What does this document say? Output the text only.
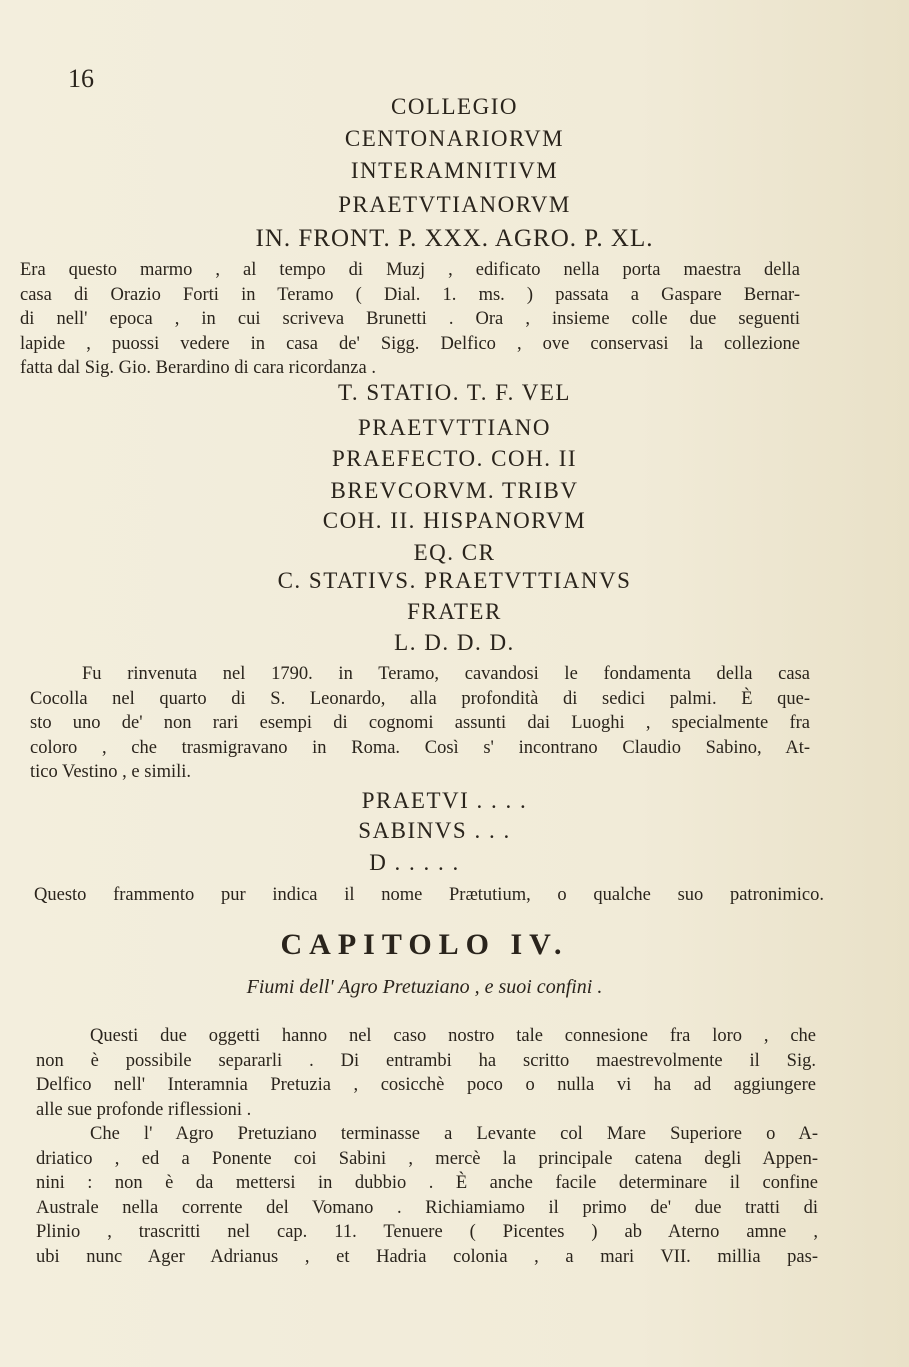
16
COLLEGIO
CENTONARIORVM
INTERAMNITIVM
PRAETVTIANORVM
IN. FRONT. P. XXX. AGRO. P. XL.
Era questo marmo , al tempo di Muzj , edificato nella porta maestra della
casa di Orazio Forti in Teramo ( Dial. 1. ms. ) passata a Gaspare Bernar-
di nell' epoca , in cui scriveva Brunetti . Ora , insieme colle due seguenti
lapide , puossi vedere in casa de' Sigg. Delfico , ove conservasi la collezione
fatta dal Sig. Gio. Berardino di cara ricordanza .
T. STATIO. T. F. VEL
PRAETVTTIANO
PRAEFECTO. COH. II
BREVCORVM. TRIBV
COH. II. HISPANORVM
EQ. CR
C. STATIVS. PRAETVTTIANVS
FRATER
L. D. D. D.
Fu rinvenuta nel 1790. in Teramo, cavandosi le fondamenta della casa
Cocolla nel quarto di S. Leonardo, alla profondità di sedici palmi. È que-
sto uno de' non rari esempi di cognomi assunti dai Luoghi , specialmente fra
coloro , che trasmigravano in Roma. Così s' incontrano Claudio Sabino, At-
tico Vestino , e simili.
PRAETVI . . . .
SABINVS . . .
D . . . . .
Questo frammento pur indica il nome Prætutium, o qualche suo patronimico.
CAPITOLO IV.
Fiumi dell' Agro Pretuziano , e suoi confini .
Questi due oggetti hanno nel caso nostro tale connesione fra loro , che
non è possibile separarli . Di entrambi ha scritto maestrevolmente il Sig.
Delfico nell' Interamnia Pretuzia , cosicchè poco o nulla vi ha ad aggiungere
alle sue profonde riflessioni .
Che l' Agro Pretuziano terminasse a Levante col Mare Superiore o A-
driatico , ed a Ponente coi Sabini , mercè la principale catena degli Appen-
nini : non è da mettersi in dubbio . È anche facile determinare il confine
Australe nella corrente del Vomano . Richiamiamo il primo de' due tratti di
Plinio , trascritti nel cap. 11. Tenuere ( Picentes ) ab Aterno amne ,
ubi nunc Ager Adrianus , et Hadria colonia , a mari VII. millia pas-
